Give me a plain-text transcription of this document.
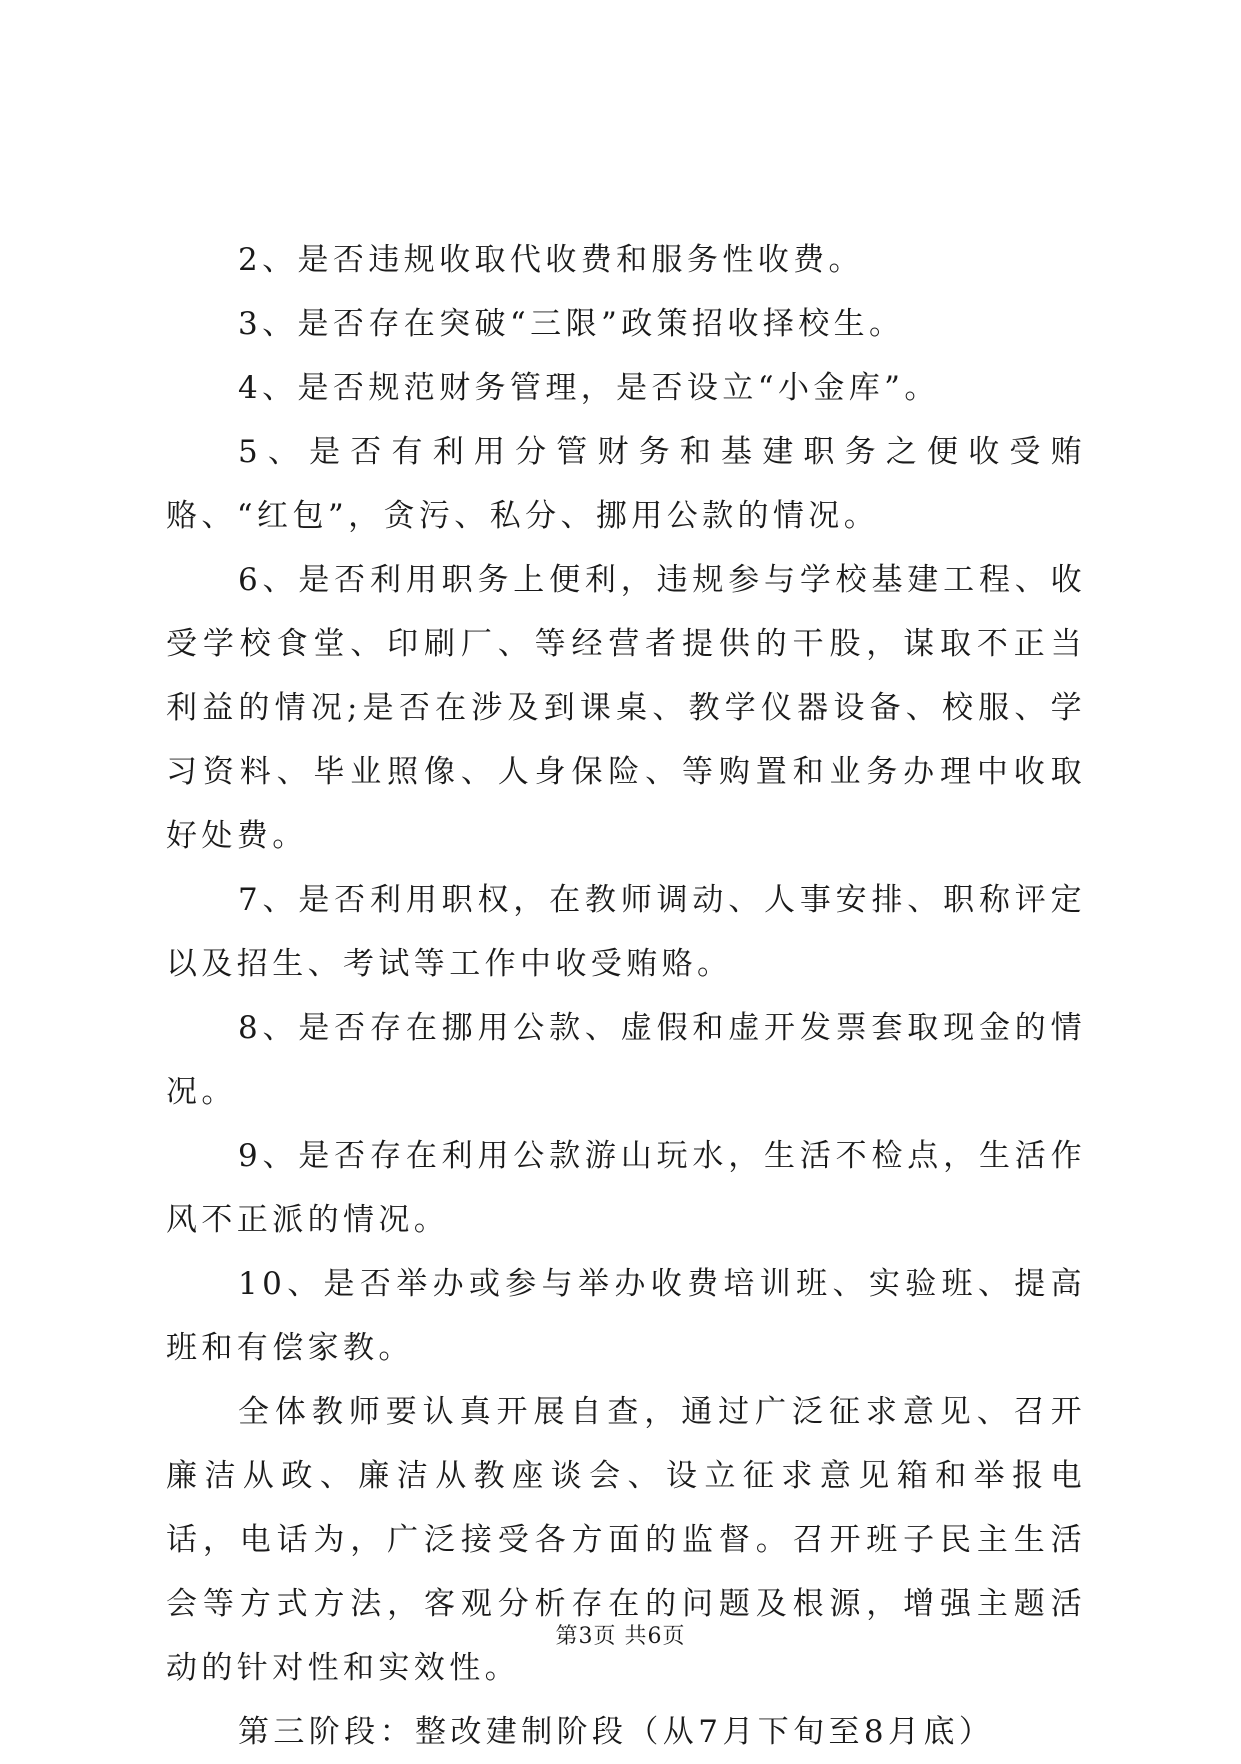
2、是否违规收取代收费和服务性收费。

3、是否存在突破“三限”政策招收择校生。

4、是否规范财务管理，是否设立“小金库”。

5、是否有利用分管财务和基建职务之便收受贿赂、“红包”，贪污、私分、挪用公款的情况。

6、是否利用职务上便利，违规参与学校基建工程、收受学校食堂、印刷厂、等经营者提供的干股，谋取不正当利益的情况;是否在涉及到课桌、教学仪器设备、校服、学习资料、毕业照像、人身保险、等购置和业务办理中收取好处费。

7、是否利用职权，在教师调动、人事安排、职称评定以及招生、考试等工作中收受贿赂。

8、是否存在挪用公款、虚假和虚开发票套取现金的情况。

9、是否存在利用公款游山玩水，生活不检点，生活作风不正派的情况。

10、是否举办或参与举办收费培训班、实验班、提高班和有偿家教。

全体教师要认真开展自查，通过广泛征求意见、召开廉洁从政、廉洁从教座谈会、设立征求意见箱和举报电话，电话为，广泛接受各方面的监督。召开班子民主生活会等方式方法，客观分析存在的问题及根源，增强主题活动的针对性和实效性。

第三阶段：整改建制阶段（从7月下旬至8月底）

第3页 共6页
